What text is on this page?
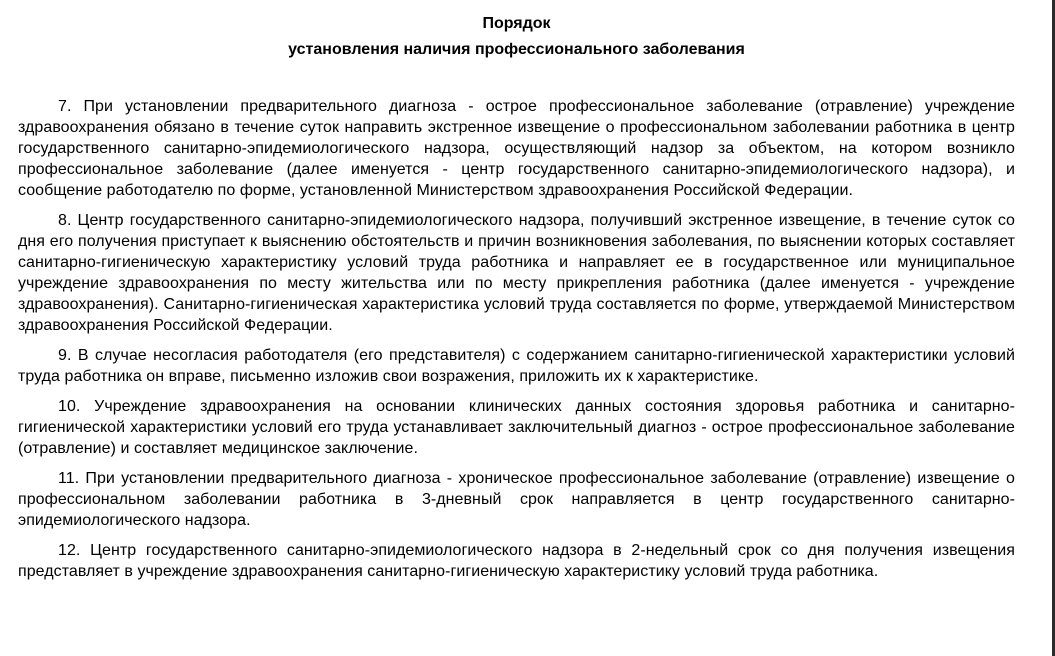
Порядок

установления наличия профессионального заболевания

7. При установлении предварительного диагноза - острое профессиональное заболевание (отравление) учреждение здравоохранения обязано в течение суток направить экстренное извещение о профессиональном заболевании работника в центр государственного санитарно-эпидемиологического надзора, осуществляющий надзор за объектом, на котором возникло профессиональное заболевание (далее именуется - центр государственного санитарно-эпидемиологического надзора), и сообщение работодателю по форме, установленной Министерством здравоохранения Российской Федерации.

8. Центр государственного санитарно-эпидемиологического надзора, получивший экстренное извещение, в течение суток со дня его получения приступает к выяснению обстоятельств и причин возникновения заболевания, по выяснении которых составляет санитарно-гигиеническую характеристику условий труда работника и направляет ее в государственное или муниципальное учреждение здравоохранения по месту жительства или по месту прикрепления работника (далее именуется - учреждение здравоохранения). Санитарно-гигиеническая характеристика условий труда составляется по форме, утверждаемой Министерством здравоохранения Российской Федерации.

9. В случае несогласия работодателя (его представителя) с содержанием санитарно-гигиенической характеристики условий труда работника он вправе, письменно изложив свои возражения, приложить их к характеристике.

10. Учреждение здравоохранения на основании клинических данных состояния здоровья работника и санитарно-гигиенической характеристики условий его труда устанавливает заключительный диагноз - острое профессиональное заболевание (отравление) и составляет медицинское заключение.

11. При установлении предварительного диагноза - хроническое профессиональное заболевание (отравление) извещение о профессиональном заболевании работника в 3-дневный срок направляется в центр государственного санитарно-эпидемиологического надзора.

12. Центр государственного санитарно-эпидемиологического надзора в 2-недельный срок со дня получения извещения представляет в учреждение здравоохранения санитарно-гигиеническую характеристику условий труда работника.
